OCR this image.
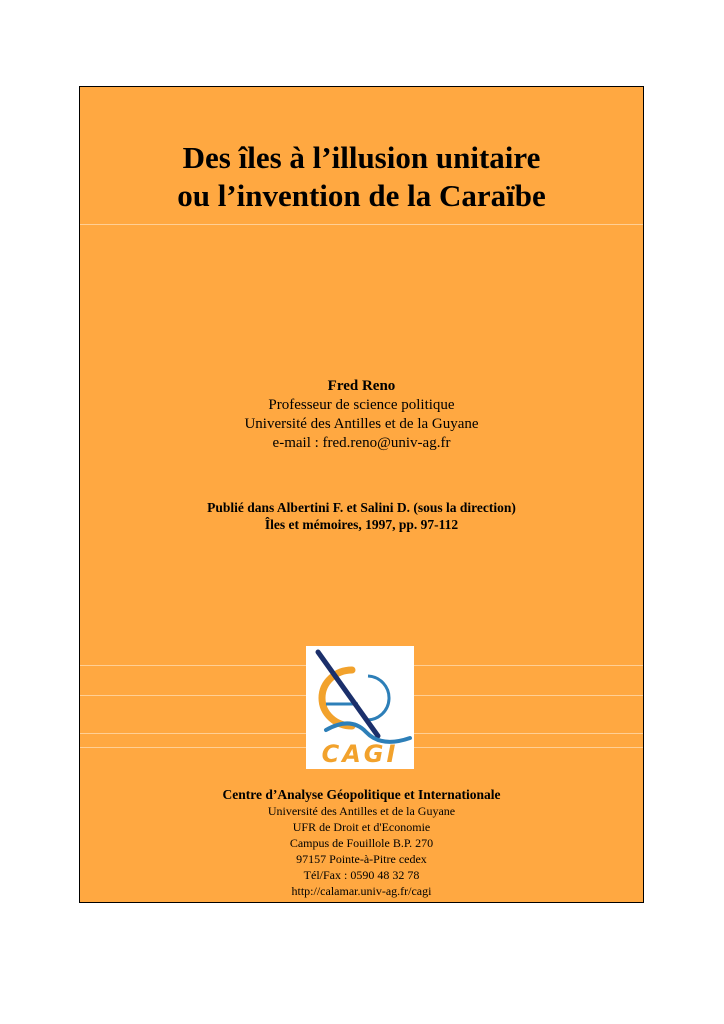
Des îles à l’illusion unitaire
ou l’invention de la Caraïbe
Fred Reno
Professeur de science politique
Université des Antilles et de la Guyane
e-mail : fred.reno@univ-ag.fr
Publié dans Albertini F. et Salini D. (sous la direction)
Îles et mémoires, 1997, pp. 97-112
CAGI
Centre d’Analyse Géopolitique et Internationale
Université des Antilles et de la Guyane
UFR de Droit et d'Economie
Campus de Fouillole B.P. 270
97157 Pointe-à-Pitre cedex
Tél/Fax : 0590 48 32 78
http://calamar.univ-ag.fr/cagi
